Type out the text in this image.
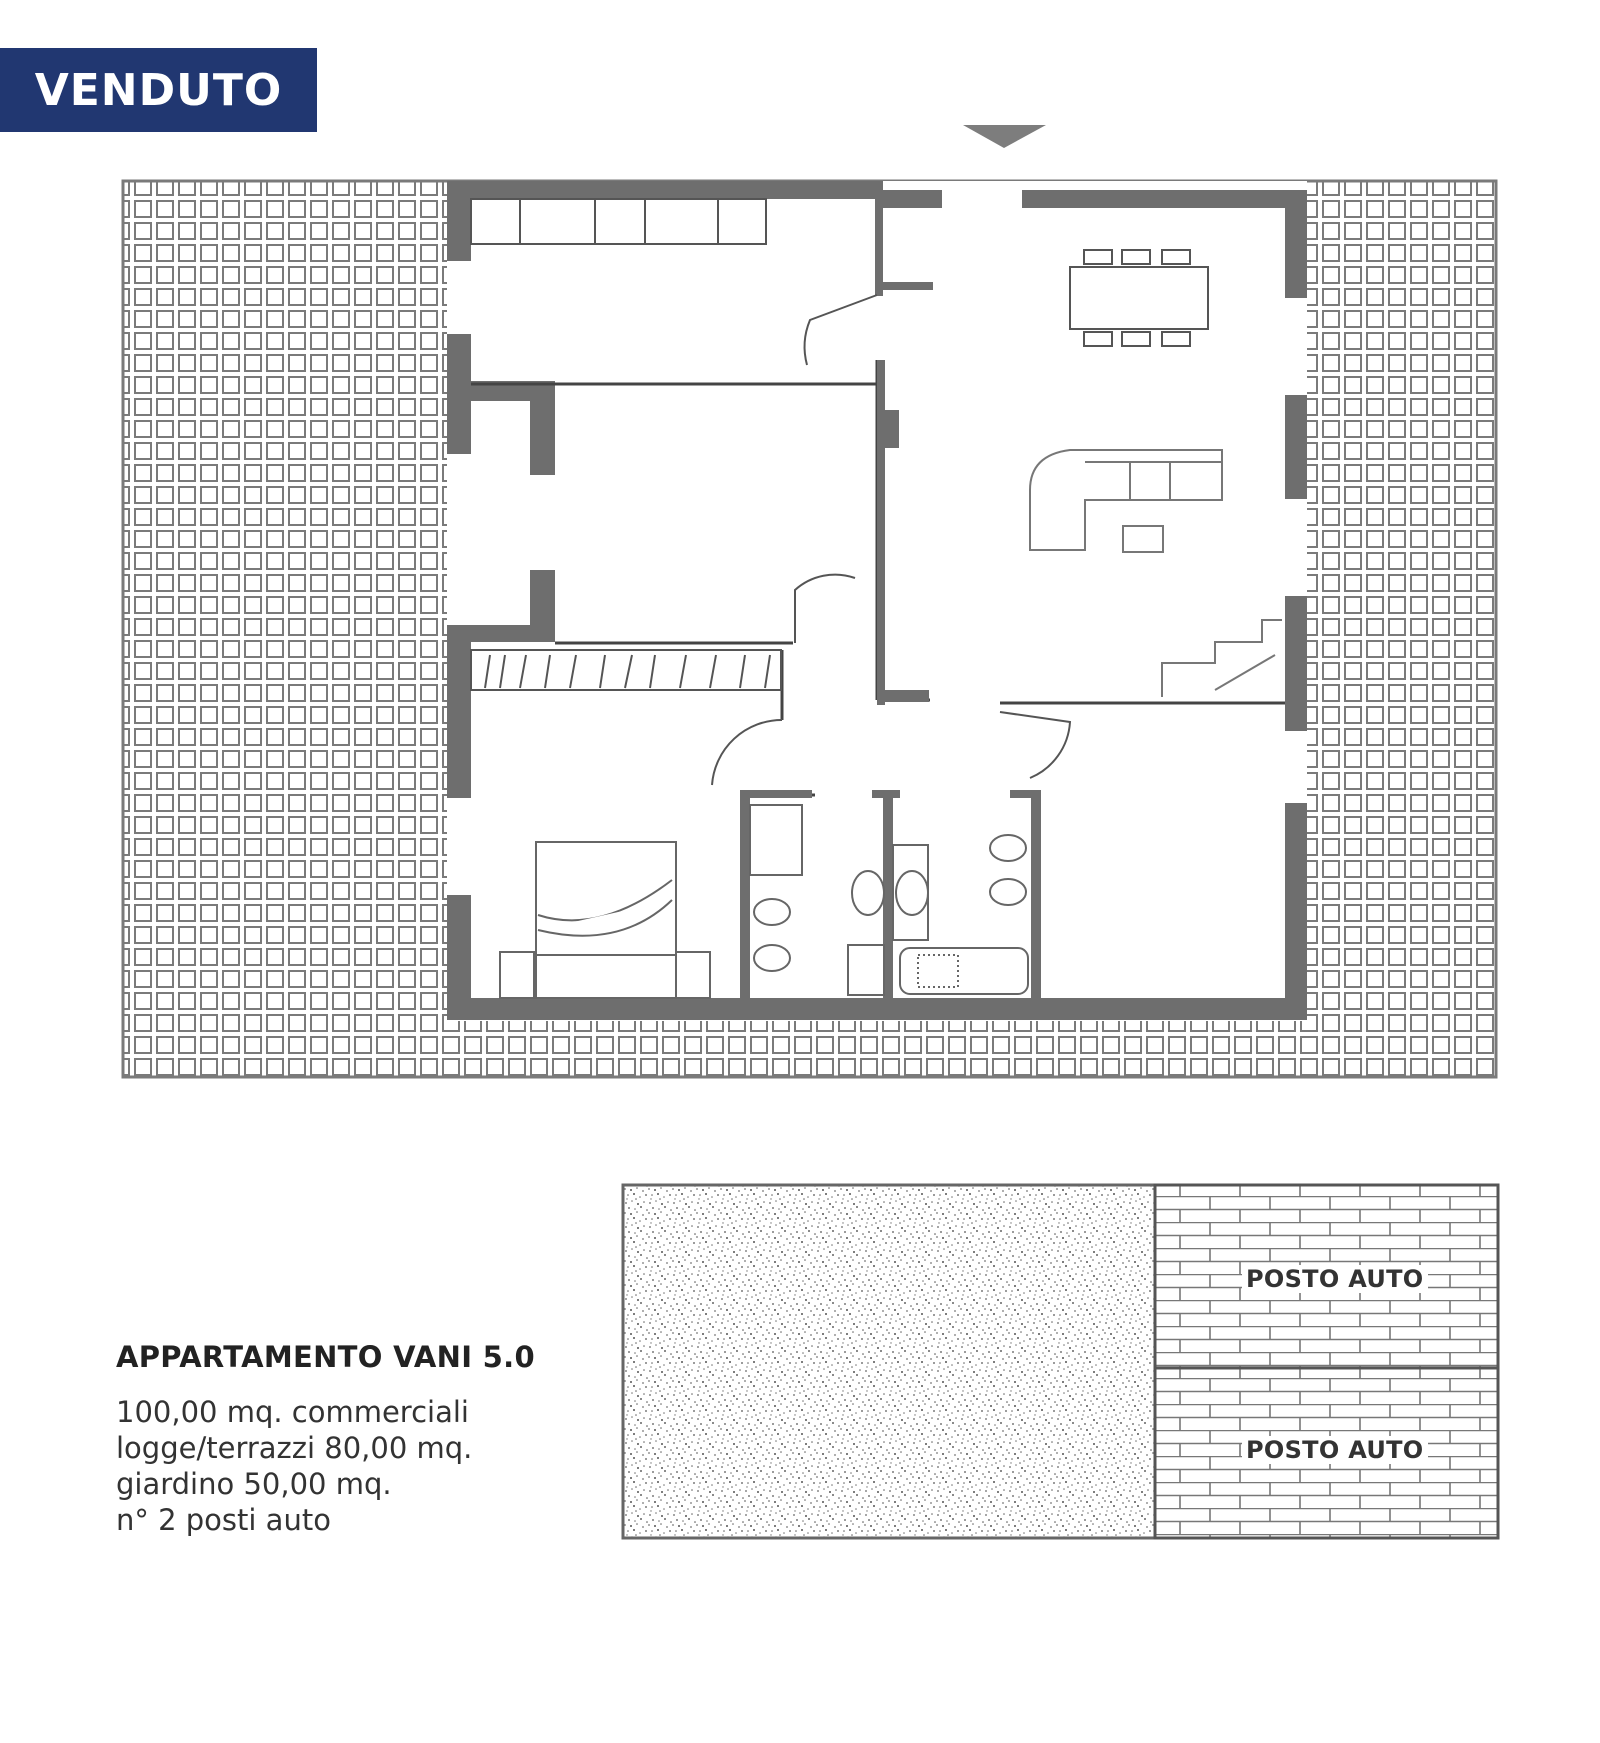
VENDUTO
POSTO AUTO
POSTO AUTO
APPARTAMENTO VANI 5.0
100,00 mq. commerciali
logge/terrazzi 80,00 mq.
giardino 50,00 mq.
n° 2 posti auto
